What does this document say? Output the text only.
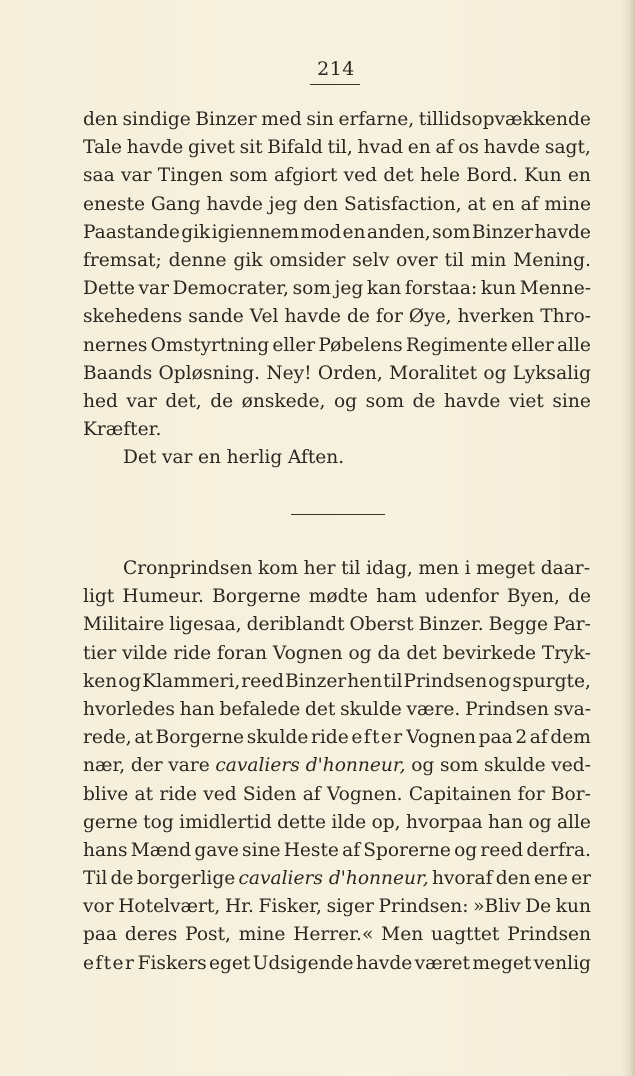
214
den sindige Binzer med sin erfarne, tillidsopvækkende
Tale havde givet sit Bifald til, hvad en af os havde sagt,
saa var Tingen som afgiort ved det hele Bord. Kun en
eneste Gang havde jeg den Satisfaction, at en af mine
Paastande gik igiennem mod en anden, som Binzer havde
fremsat; denne gik omsider selv over til min Mening.
Dette var Democrater, som jeg kan forstaa: kun Menne-
skehedens sande Vel havde de for Øye, hverken Thro-
nernes Omstyrtning eller Pøbelens Regimente eller alle
Baands Opløsning. Ney! Orden, Moralitet og Lyksalig
hed var det, de ønskede, og som de havde viet sine
Kræfter.
Det var en herlig Aften.
Cronprindsen kom her til idag, men i meget daar-
ligt Humeur. Borgerne mødte ham udenfor Byen, de
Militaire ligesaa, deriblandt Oberst Binzer. Begge Par-
tier vilde ride foran Vognen og da det bevirkede Tryk-
ken og Klammeri, reed Binzer hen til Prindsen og spurgte,
hvorledes han befalede det skulde være. Prindsen sva-
rede, at Borgerne skulde ride efter Vognen paa 2 af dem
nær, der vare cavaliers d'honneur, og som skulde ved-
blive at ride ved Siden af Vognen. Capitainen for Bor-
gerne tog imidlertid dette ilde op, hvorpaa han og alle
hans Mænd gave sine Heste af Sporerne og reed derfra.
Til de borgerlige cavaliers d'honneur, hvoraf den ene er
vor Hotelvært, Hr. Fisker, siger Prindsen: »Bliv De kun
paa deres Post, mine Herrer.« Men uagttet Prindsen
efter Fiskers eget Udsigende havde været meget venlig
